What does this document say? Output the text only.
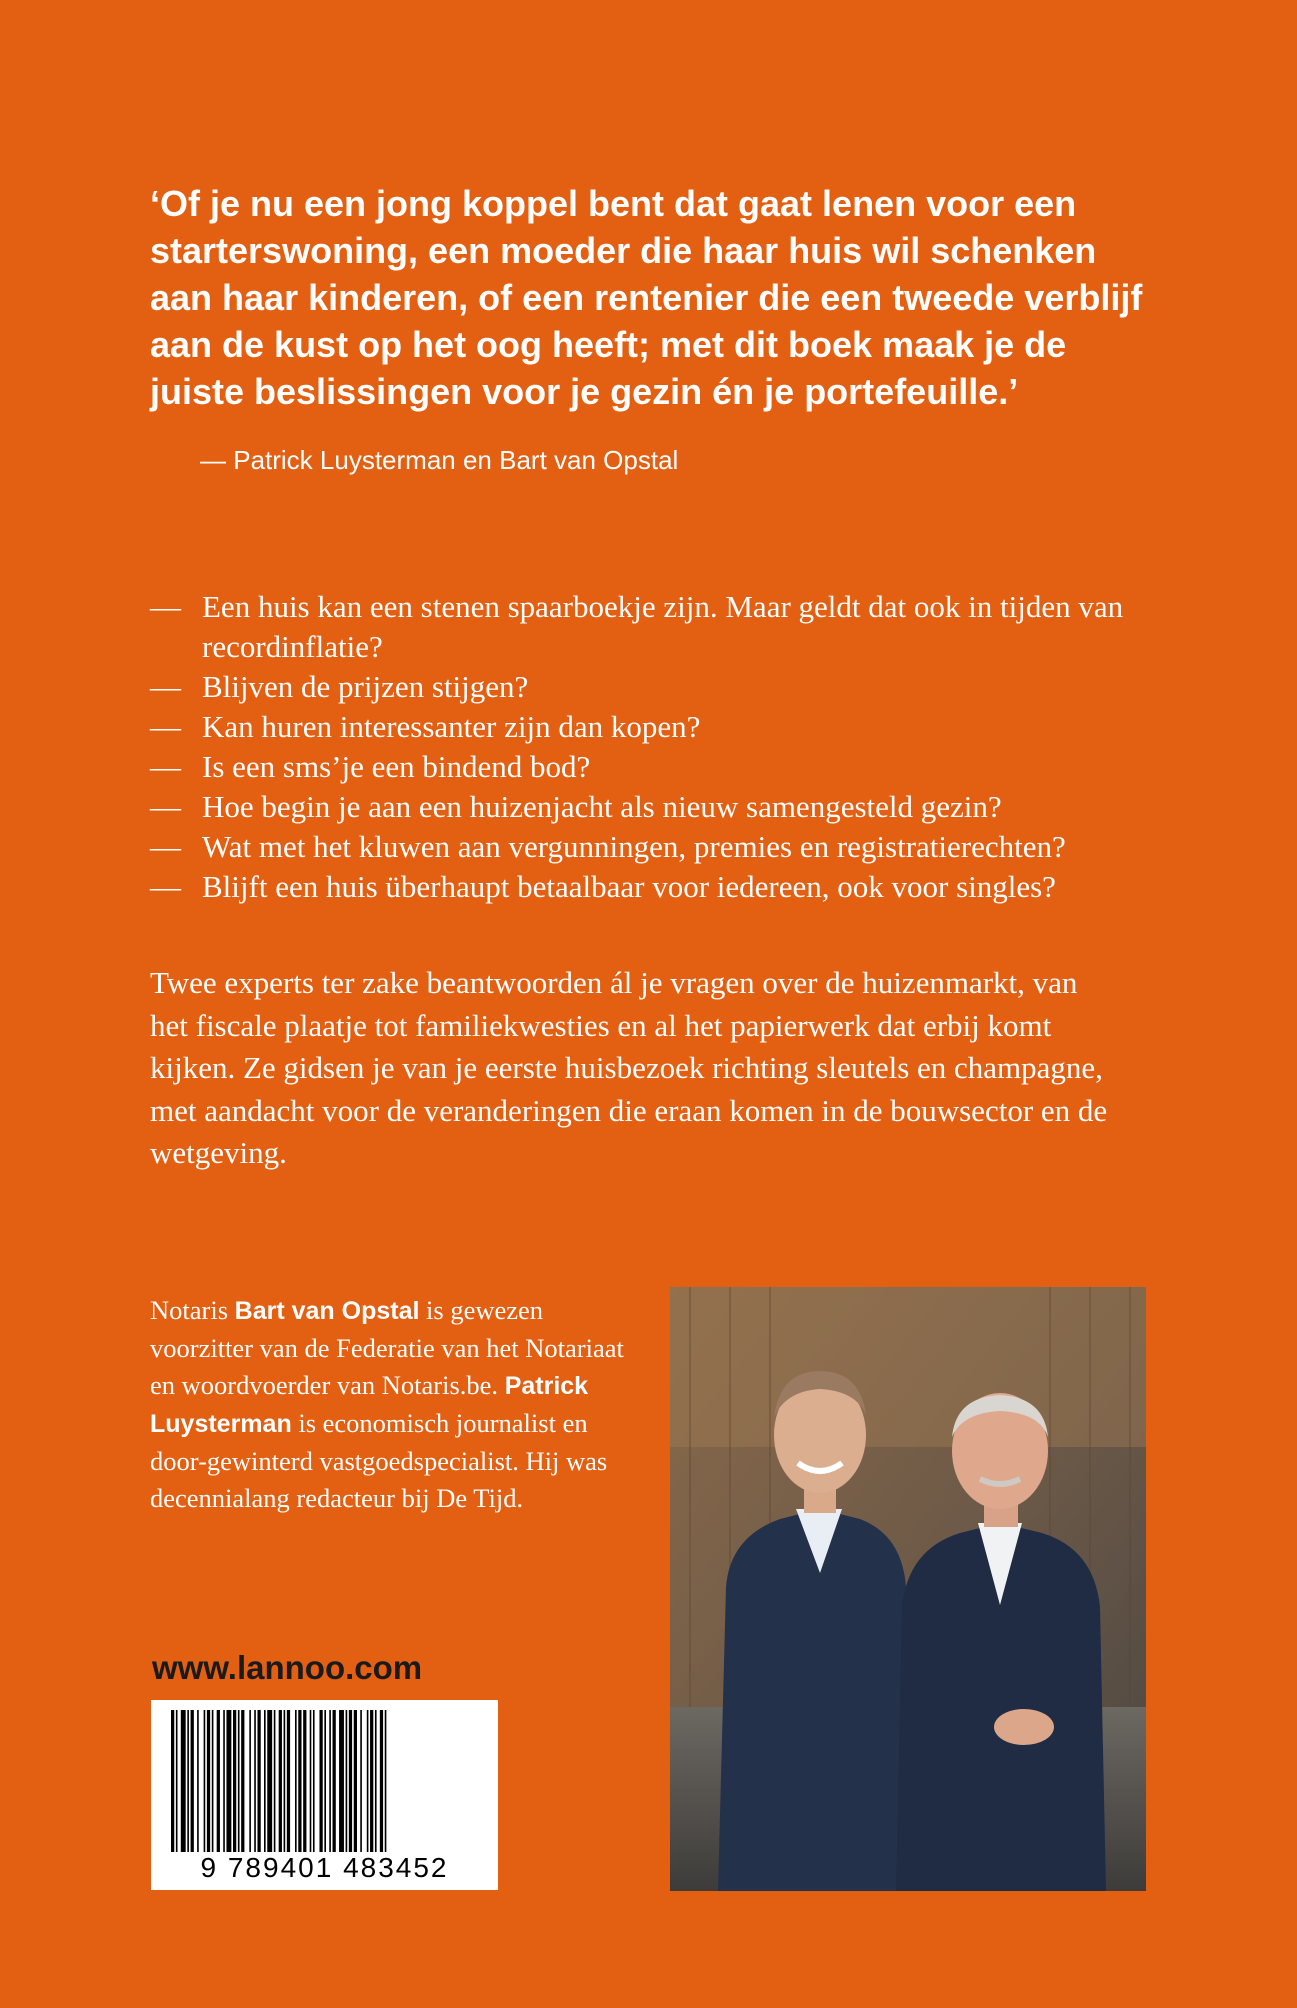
‘Of je nu een jong koppel bent dat gaat lenen voor een starterswoning, een moeder die haar huis wil schenken aan haar kinderen, of een rentenier die een tweede verblijf aan de kust op het oog heeft; met dit boek maak je de juiste beslissingen voor je gezin én je portefeuille.’

— Patrick Luysterman en Bart van Opstal

— Een huis kan een stenen spaarboekje zijn. Maar geldt dat ook in tijden van recordinflatie?
— Blijven de prijzen stijgen?
— Kan huren interessanter zijn dan kopen?
— Is een sms’je een bindend bod?
— Hoe begin je aan een huizenjacht als nieuw samengesteld gezin?
— Wat met het kluwen aan vergunningen, premies en registratierechten?
— Blijft een huis überhaupt betaalbaar voor iedereen, ook voor singles?

Twee experts ter zake beantwoorden ál je vragen over de huizenmarkt, van het fiscale plaatje tot familiekwesties en al het papierwerk dat erbij komt kijken. Ze gidsen je van je eerste huisbezoek richting sleutels en champagne, met aandacht voor de veranderingen die eraan komen in de bouwsector en de wetgeving.

Notaris Bart van Opstal is gewezen voorzitter van de Federatie van het Notariaat en woordvoerder van Notaris.be. Patrick Luysterman is economisch journalist en door-gewinterd vastgoedspecialist. Hij was decennialang redacteur bij De Tijd.

www.lannoo.com
9 789401 483452
